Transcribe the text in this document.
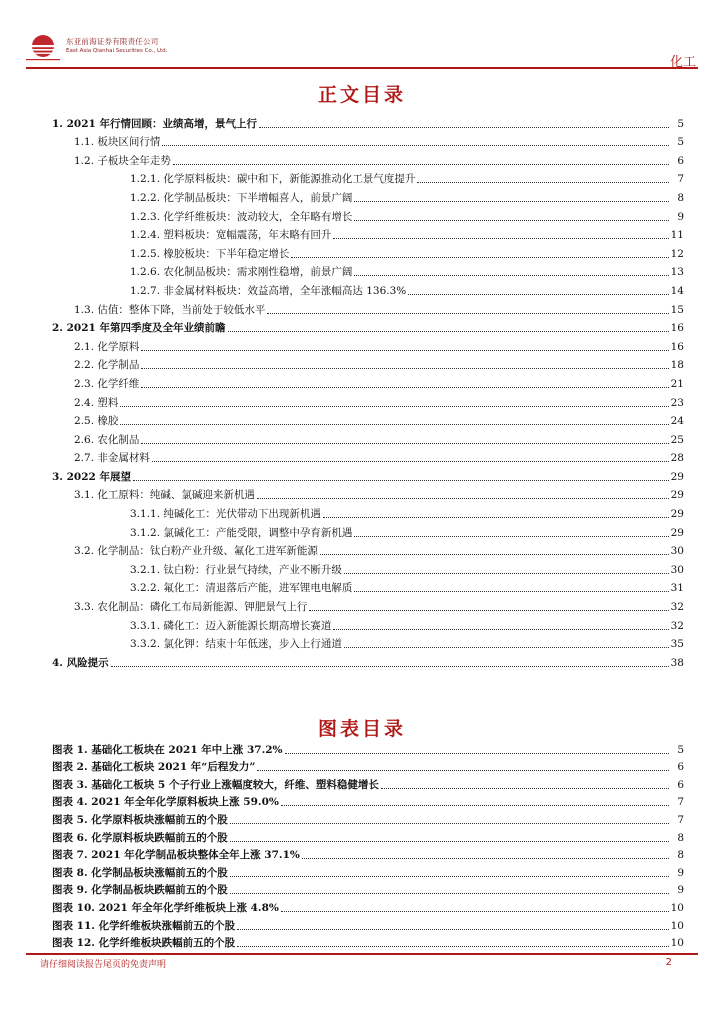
东亚前海证券有限责任公司
East Asia Qianhai Securities Co., Ltd.
化工
正文目录
1. 2021 年行情回顾：业绩高增，景气上行	5
1.1. 板块区间行情	5
1.2. 子板块全年走势	6
1.2.1. 化学原料板块：碳中和下，新能源推动化工景气度提升	7
1.2.2. 化学制品板块：下半增幅喜人，前景广阔	8
1.2.3. 化学纤维板块：波动较大，全年略有增长	9
1.2.4. 塑料板块：宽幅震荡，年末略有回升	11
1.2.5. 橡胶板块：下半年稳定增长	12
1.2.6. 农化制品板块：需求刚性稳增，前景广阔	13
1.2.7. 非金属材料板块：效益高增，全年涨幅高达 136.3%	14
1.3. 估值：整体下降，当前处于较低水平	15
2. 2021 年第四季度及全年业绩前瞻	16
2.1. 化学原料	16
2.2. 化学制品	18
2.3. 化学纤维	21
2.4. 塑料	23
2.5. 橡胶	24
2.6. 农化制品	25
2.7. 非金属材料	28
3. 2022 年展望	29
3.1. 化工原料：纯碱、氯碱迎来新机遇	29
3.1.1. 纯碱化工：光伏带动下出现新机遇	29
3.1.2. 氯碱化工：产能受限，调整中孕育新机遇	29
3.2. 化学制品：钛白粉产业升级、氟化工进军新能源	30
3.2.1. 钛白粉：行业景气持续，产业不断升级	30
3.2.2. 氟化工：清退落后产能，进军锂电电解质	31
3.3. 农化制品：磷化工布局新能源、钾肥景气上行	32
3.3.1. 磷化工：迈入新能源长期高增长赛道	32
3.3.2. 氯化钾：结束十年低迷，步入上行通道	35
4. 风险提示	38
图表目录
图表 1. 基础化工板块在 2021 年中上涨 37.2%	5
图表 2. 基础化工板块 2021 年“后程发力”	6
图表 3. 基础化工板块 5 个子行业上涨幅度较大，纤维、塑料稳健增长	6
图表 4. 2021 年全年化学原料板块上涨 59.0%	7
图表 5. 化学原料板块涨幅前五的个股	7
图表 6. 化学原料板块跌幅前五的个股	8
图表 7. 2021 年化学制品板块整体全年上涨 37.1%	8
图表 8. 化学制品板块涨幅前五的个股	9
图表 9. 化学制品板块跌幅前五的个股	9
图表 10. 2021 年全年化学纤维板块上涨 4.8%	10
图表 11. 化学纤维板块涨幅前五的个股	10
图表 12. 化学纤维板块跌幅前五的个股	10
请仔细阅读报告尾页的免责声明	2
